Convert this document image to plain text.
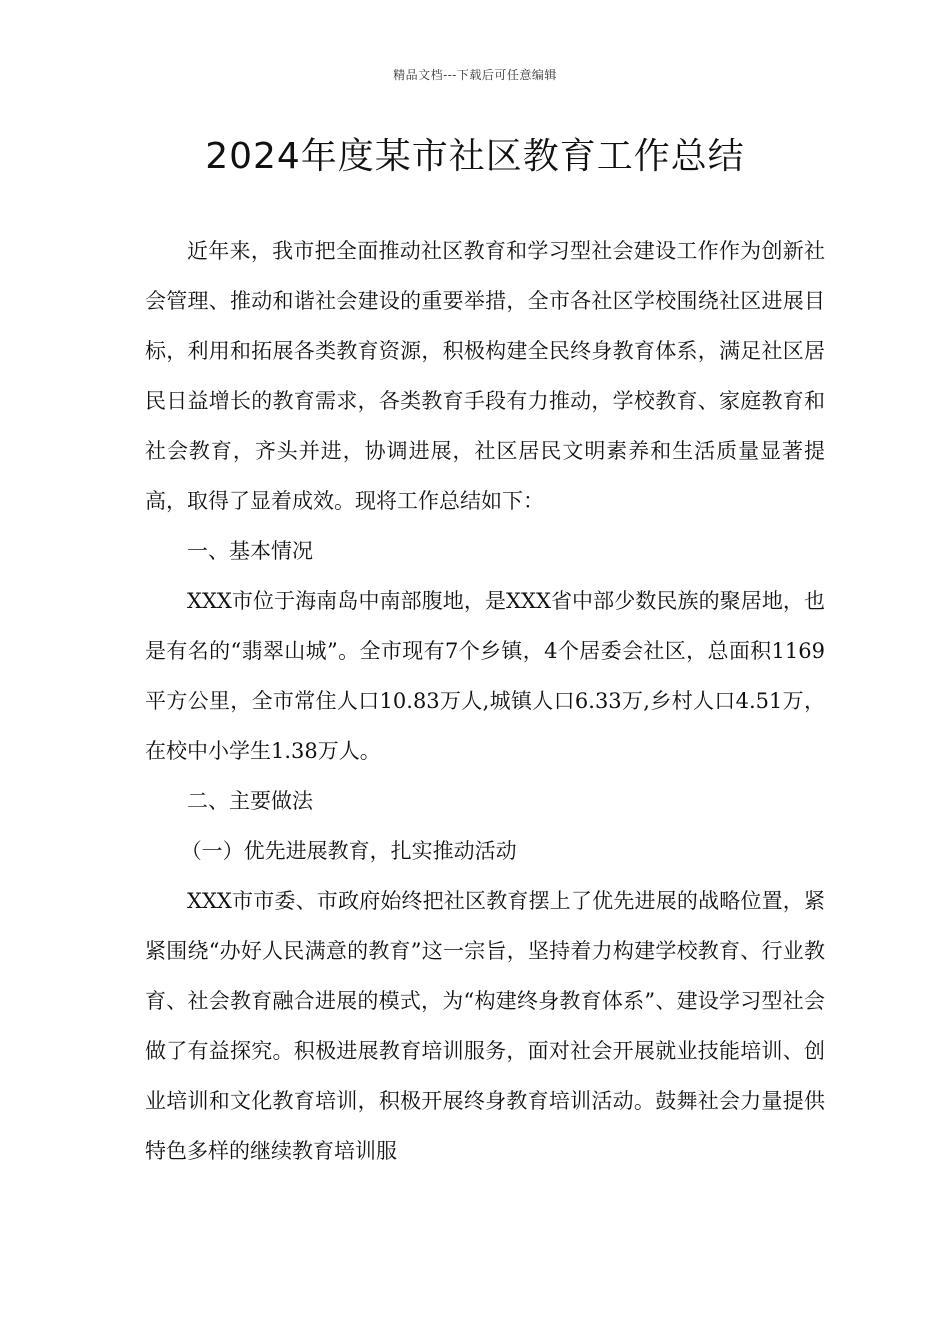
精品文档---下载后可任意编辑
2024年度某市社区教育工作总结

近年来，我市把全面推动社区教育和学习型社会建设工作作为创新社会管理、推动和谐社会建设的重要举措，全市各社区学校围绕社区进展目标，利用和拓展各类教育资源，积极构建全民终身教育体系，满足社区居民日益增长的教育需求，各类教育手段有力推动，学校教育、家庭教育和社会教育，齐头并进，协调进展，社区居民文明素养和生活质量显著提高，取得了显着成效。现将工作总结如下：

一、基本情况

XXX市位于海南岛中南部腹地，是XXX省中部少数民族的聚居地，也是有名的“翡翠山城”。全市现有7个乡镇，4个居委会社区，总面积1169平方公里，全市常住人口10.83万人,城镇人口6.33万,乡村人口4.51万，在校中小学生1.38万人。

二、主要做法

（一）优先进展教育，扎实推动活动

XXX市市委、市政府始终把社区教育摆上了优先进展的战略位置，紧紧围绕“办好人民满意的教育”这一宗旨，坚持着力构建学校教育、行业教育、社会教育融合进展的模式，为“构建终身教育体系”、建设学习型社会做了有益探究。积极进展教育培训服务，面对社会开展就业技能培训、创业培训和文化教育培训，积极开展终身教育培训活动。鼓舞社会力量提供特色多样的继续教育培训服
